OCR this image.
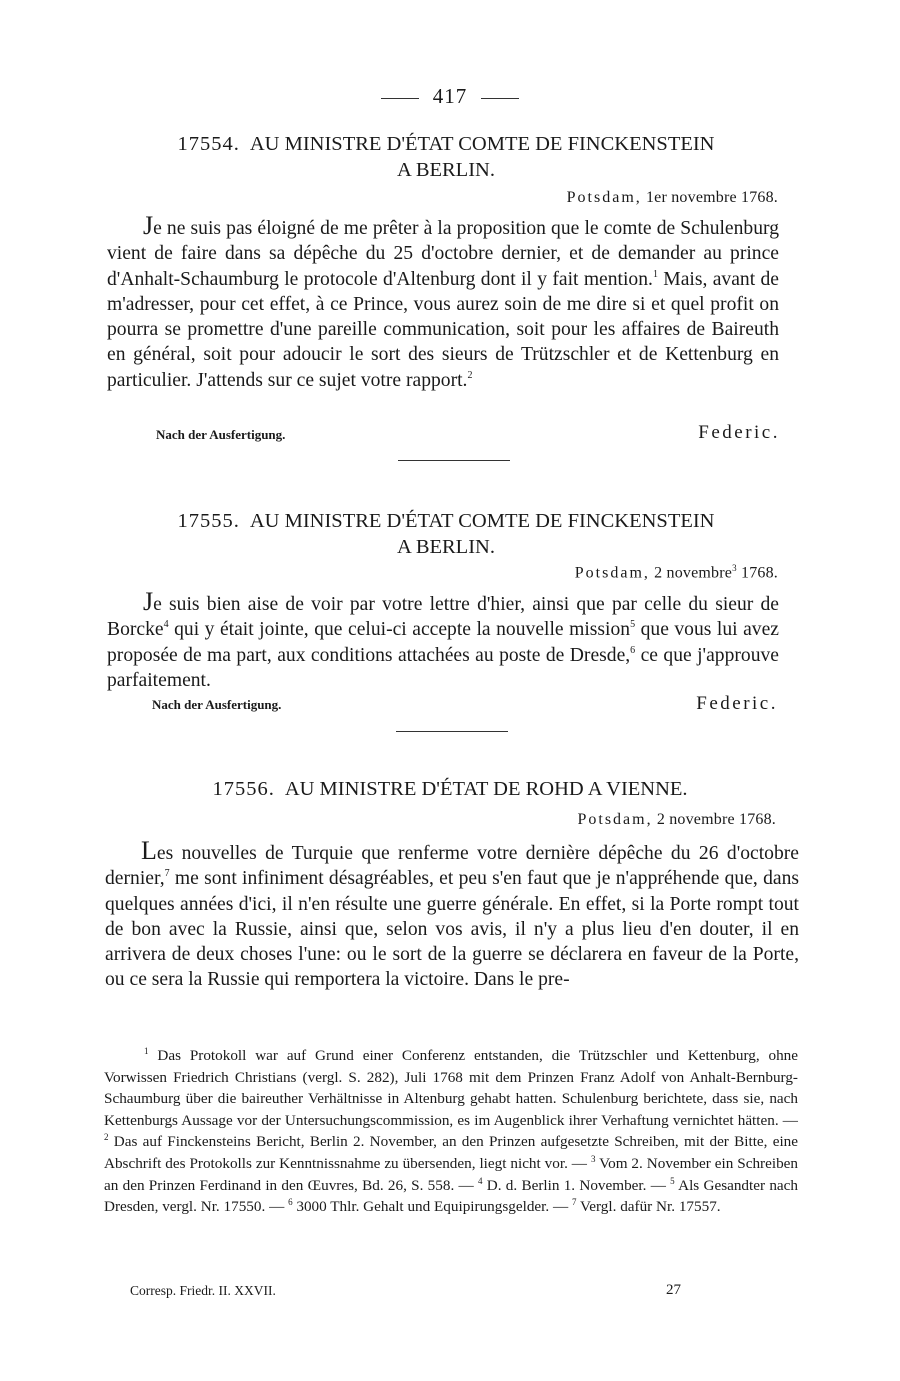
417
17554. AU MINISTRE D'ÉTAT COMTE DE FINCKENSTEIN
A BERLIN.
Potsdam, 1er novembre 1768.

Je ne suis pas éloigné de me prêter à la proposition que le comte de Schulenburg vient de faire dans sa dépêche du 25 d'octobre dernier, et de demander au prince d'Anhalt-Schaumburg le protocole d'Altenburg dont il y fait mention.$^1$ Mais, avant de m'adresser, pour cet effet, à ce Prince, vous aurez soin de me dire si et quel profit on pourra se promettre d'une pareille communication, soit pour les affaires de Baireuth en général, soit pour adoucir le sort des sieurs de Trützschler et de Kettenburg en particulier. J'attends sur ce sujet votre rapport.$^2$

Nach der Ausfertigung.	Federic.
17555. AU MINISTRE D'ÉTAT COMTE DE FINCKENSTEIN
A BERLIN.
Potsdam, 2 novembre$^3$ 1768.

Je suis bien aise de voir par votre lettre d'hier, ainsi que par celle du sieur de Borcke$^4$ qui y était jointe, que celui-ci accepte la nouvelle mission$^5$ que vous lui avez proposée de ma part, aux conditions attachées au poste de Dresde,$^6$ ce que j'approuve parfaitement.

Nach der Ausfertigung.	Federic.
17556. AU MINISTRE D'ÉTAT DE ROHD A VIENNE.
Potsdam, 2 novembre 1768.

Les nouvelles de Turquie que renferme votre dernière dépêche du 26 d'octobre dernier,$^7$ me sont infiniment désagréables, et peu s'en faut que je n'appréhende que, dans quelques années d'ici, il n'en résulte une guerre générale. En effet, si la Porte rompt tout de bon avec la Russie, ainsi que, selon vos avis, il n'y a plus lieu d'en douter, il en arrivera de deux choses l'une: ou le sort de la guerre se déclarera en faveur de la Porte, ou ce sera la Russie qui remportera la victoire. Dans le pre-

$^1$ Das Protokoll war auf Grund einer Conferenz entstanden, die Trützschler und Kettenburg, ohne Vorwissen Friedrich Christians (vergl. S. 282), Juli 1768 mit dem Prinzen Franz Adolf von Anhalt-Bernburg-Schaumburg über die baireuther Verhältnisse in Altenburg gehabt hatten. Schulenburg berichtete, dass sie, nach Kettenburgs Aussage vor der Untersuchungscommission, es im Augenblick ihrer Verhaftung vernichtet hätten. — $^2$ Das auf Finckensteins Bericht, Berlin 2. November, an den Prinzen aufgesetzte Schreiben, mit der Bitte, eine Abschrift des Protokolls zur Kenntnissnahme zu übersenden, liegt nicht vor. — $^3$ Vom 2. November ein Schreiben an den Prinzen Ferdinand in den Œuvres, Bd. 26, S. 558. — $^4$ D. d. Berlin 1. November. — $^5$ Als Gesandter nach Dresden, vergl. Nr. 17550. — $^6$ 3000 Thlr. Gehalt und Equipirungsgelder. — $^7$ Vergl. dafür Nr. 17557.

Corresp. Friedr. II. XXVII.	27
